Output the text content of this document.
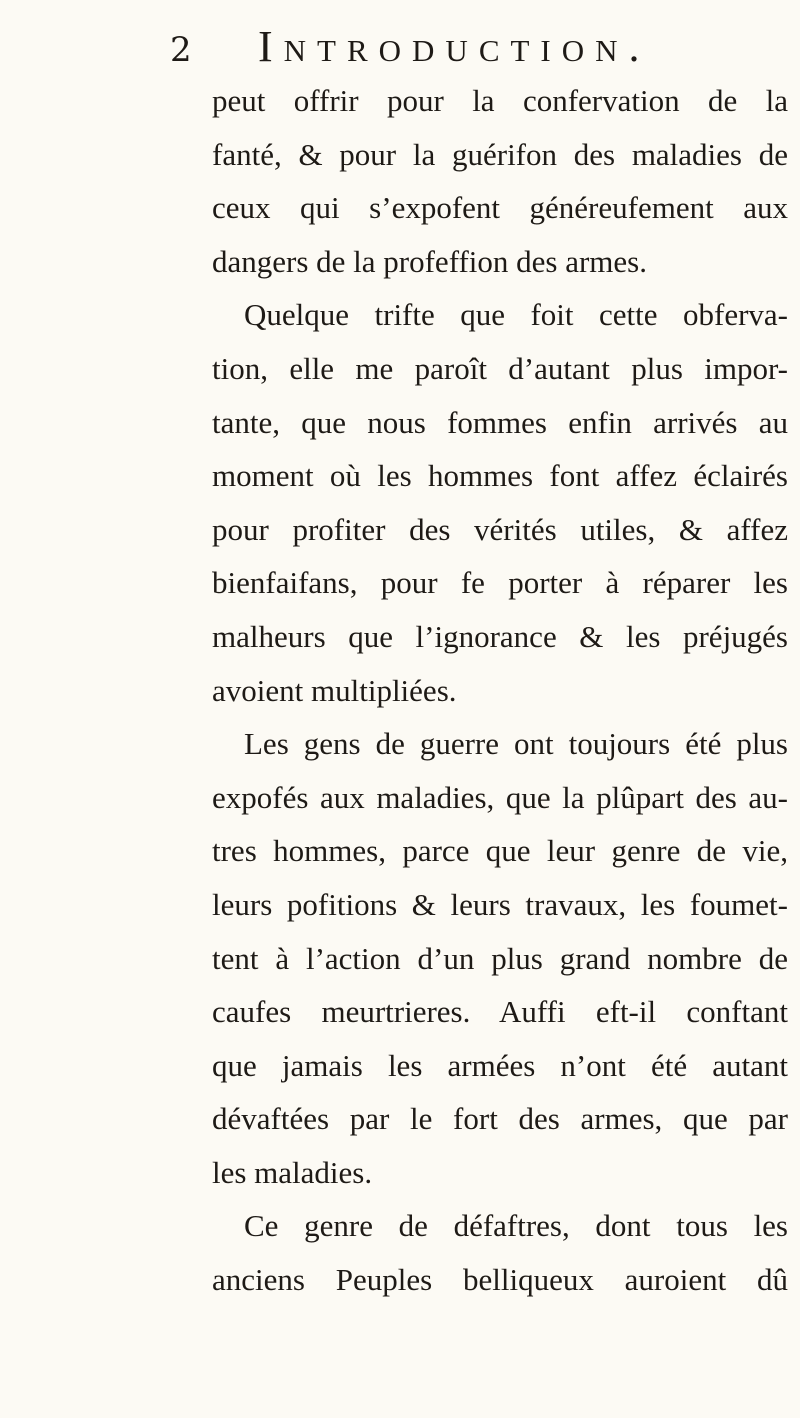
2 Introduction.
peut offrir pour la confervation de la
fanté, & pour la guérifon des maladies de
ceux qui s’expofent généreufement aux
dangers de la profeffion des armes.
Quelque trifte que foit cette obferva-
tion, elle me paroît d’autant plus impor-
tante, que nous fommes enfin arrivés au
moment où les hommes font affez éclairés
pour profiter des vérités utiles, & affez
bienfaifans, pour fe porter à réparer les
malheurs que l’ignorance & les préjugés
avoient multipliées.
Les gens de guerre ont toujours été plus
expofés aux maladies, que la plûpart des au-
tres hommes, parce que leur genre de vie,
leurs pofitions & leurs travaux, les foumet-
tent à l’action d’un plus grand nombre de
caufes meurtrieres. Auffi eft-il conftant
que jamais les armées n’ont été autant
dévaftées par le fort des armes, que par
les maladies.
Ce genre de défaftres, dont tous les
anciens Peuples belliqueux auroient dû
